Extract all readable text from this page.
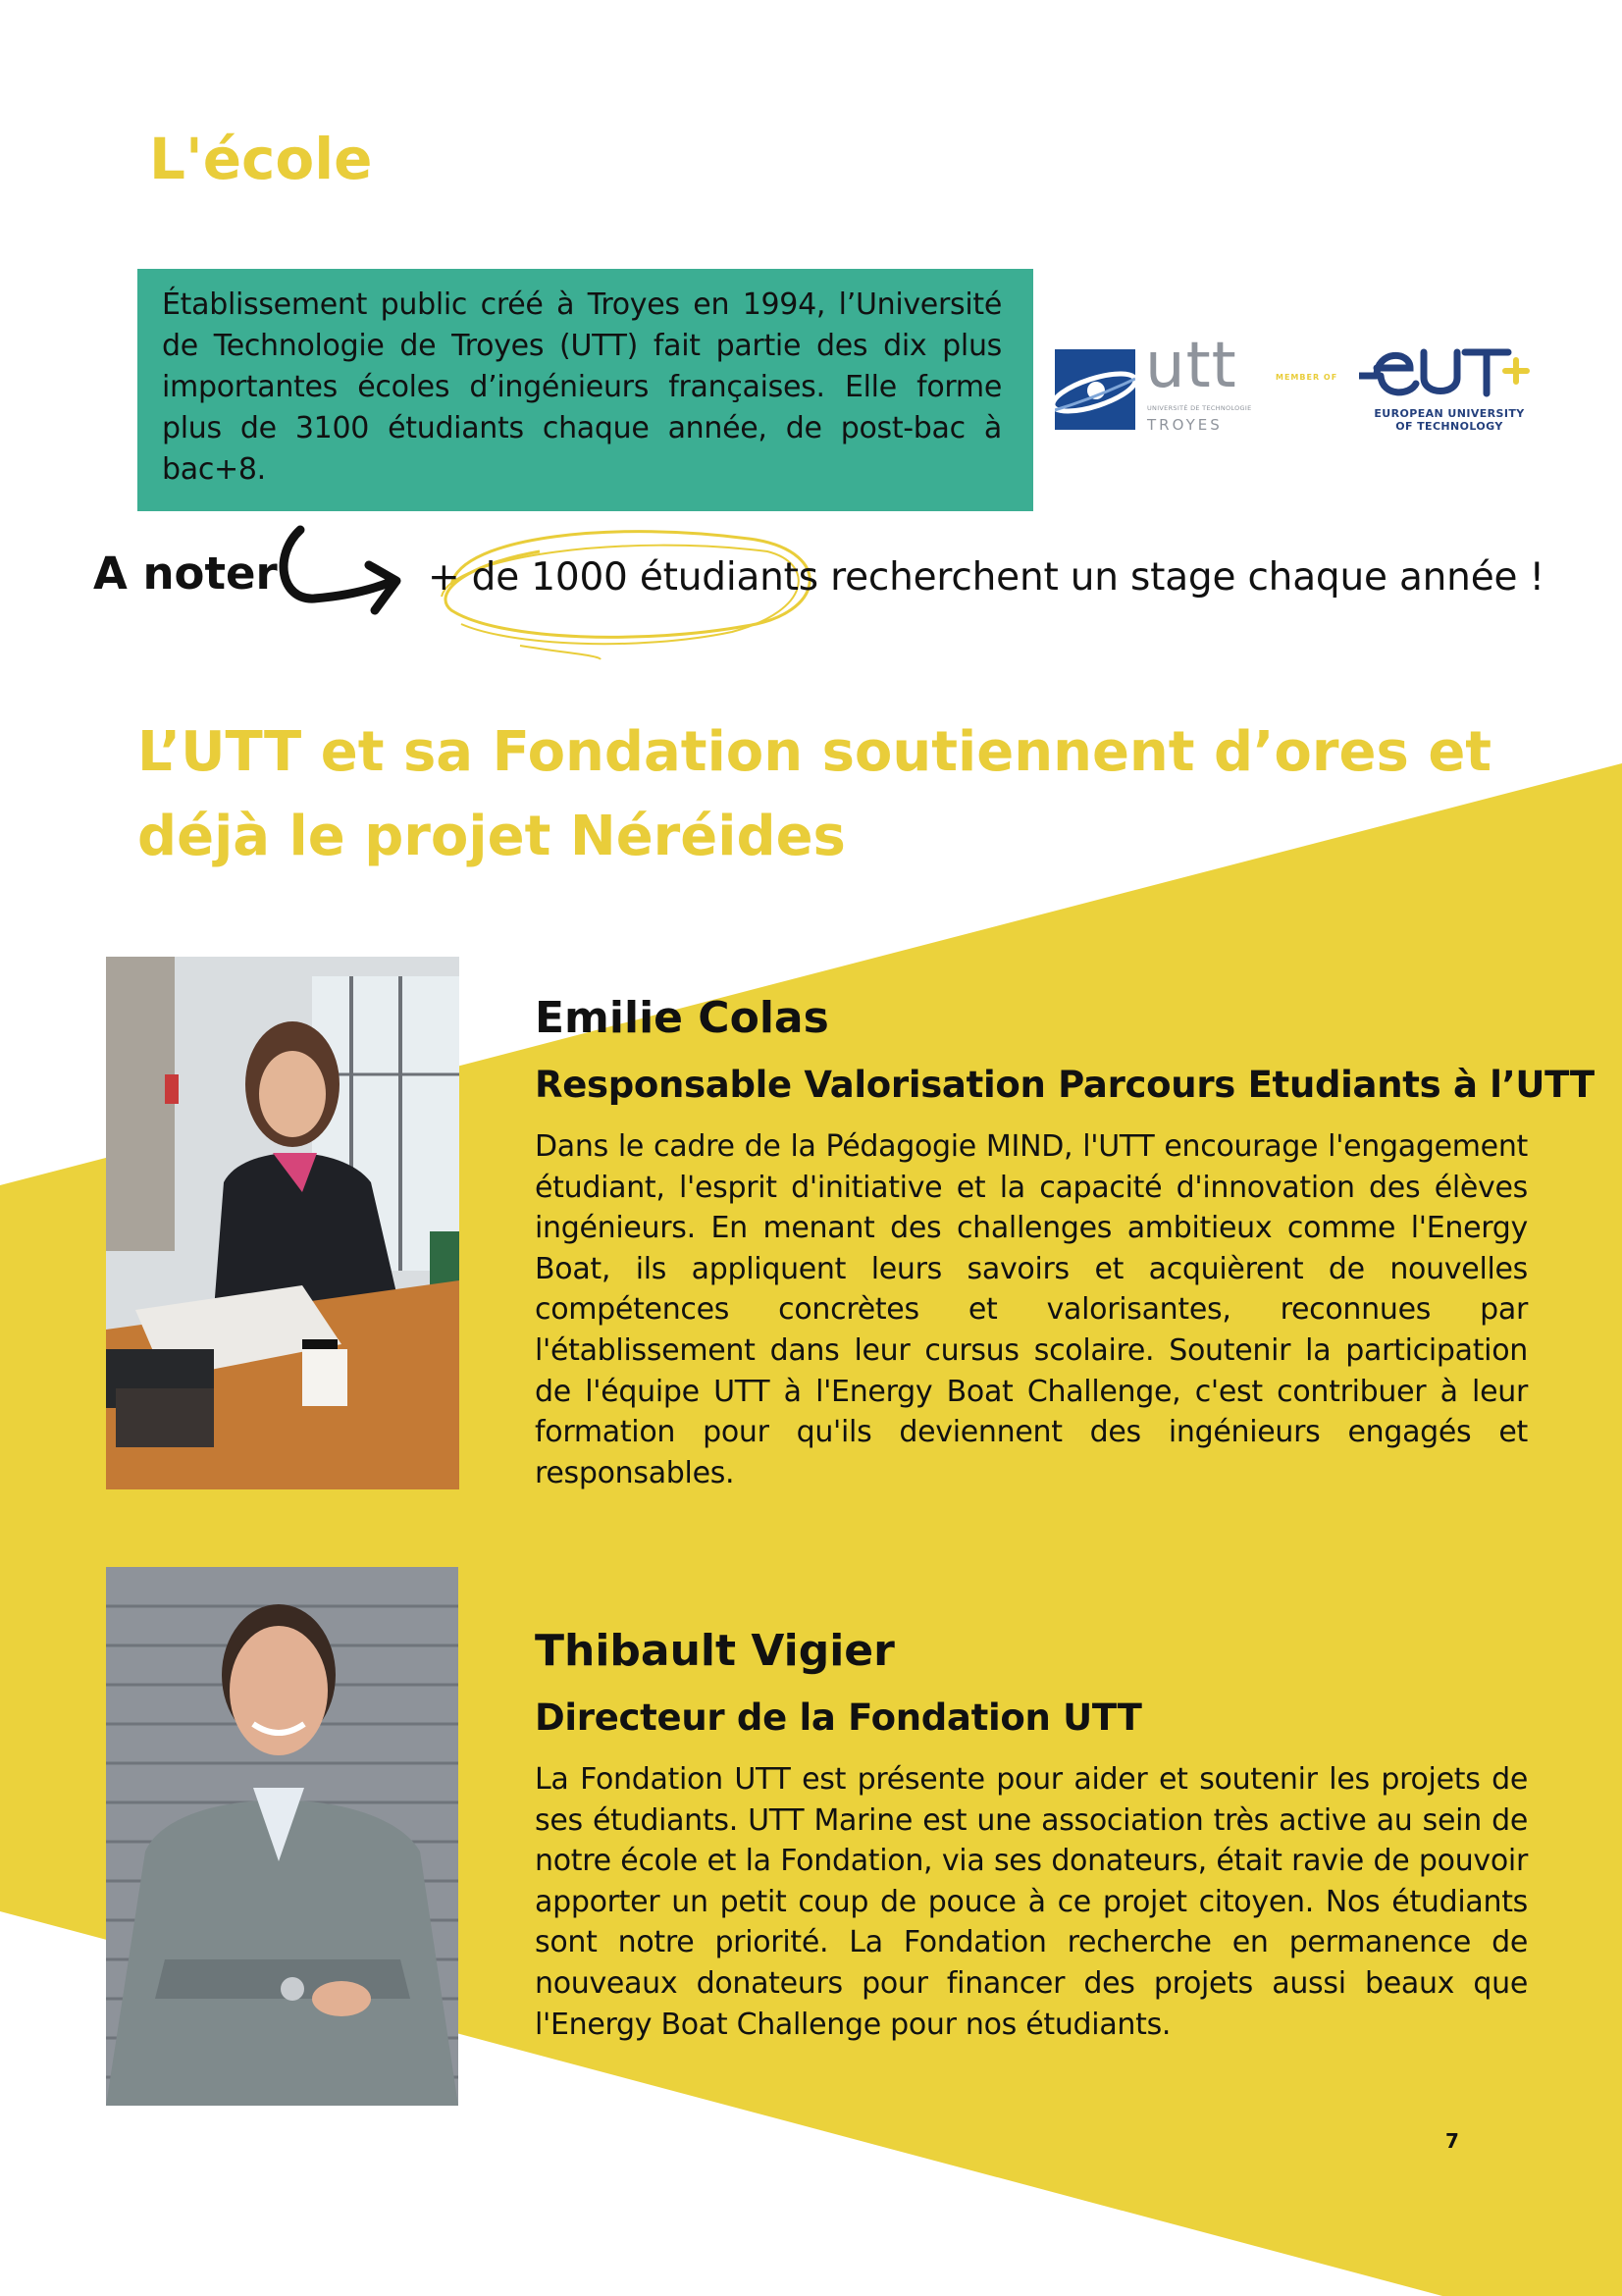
L'école

Établissement public créé à Troyes en 1994, l’Université de Technologie de Troyes (UTT) fait partie des dix plus importantes écoles d’ingénieurs françaises. Elle forme plus de 3100 étudiants chaque année, de post-bac à bac+8.

utt
UNIVERSITÉ DE TECHNOLOGIE
TROYES
MEMBER OF
EUROPEAN UNIVERSITY
OF TECHNOLOGY
A noter	+ de 1000 étudiants recherchent un stage chaque année !
L’UTT et sa Fondation soutiennent d’ores et déjà le projet Néréides
Emilie Colas
Responsable Valorisation Parcours Etudiants à l’UTT

Dans le cadre de la Pédagogie MIND, l'UTT encourage l'engagement étudiant, l'esprit d'initiative et la capacité d'innovation des élèves ingénieurs. En menant des challenges ambitieux comme l'Energy Boat, ils appliquent leurs savoirs et acquièrent de nouvelles compétences concrètes et valorisantes, reconnues par l'établissement dans leur cursus scolaire. Soutenir la participation de l'équipe UTT à l'Energy Boat Challenge, c'est contribuer à leur formation pour qu'ils deviennent des ingénieurs engagés et responsables.

Thibault Vigier
Directeur de la Fondation UTT

La Fondation UTT est présente pour aider et soutenir les projets de ses étudiants. UTT Marine est une association très active au sein de notre école et la Fondation, via ses donateurs, était ravie de pouvoir apporter un petit coup de pouce à ce projet citoyen. Nos étudiants sont notre priorité. La Fondation recherche en permanence de nouveaux donateurs pour financer des projets aussi beaux que l'Energy Boat Challenge pour nos étudiants.

7
